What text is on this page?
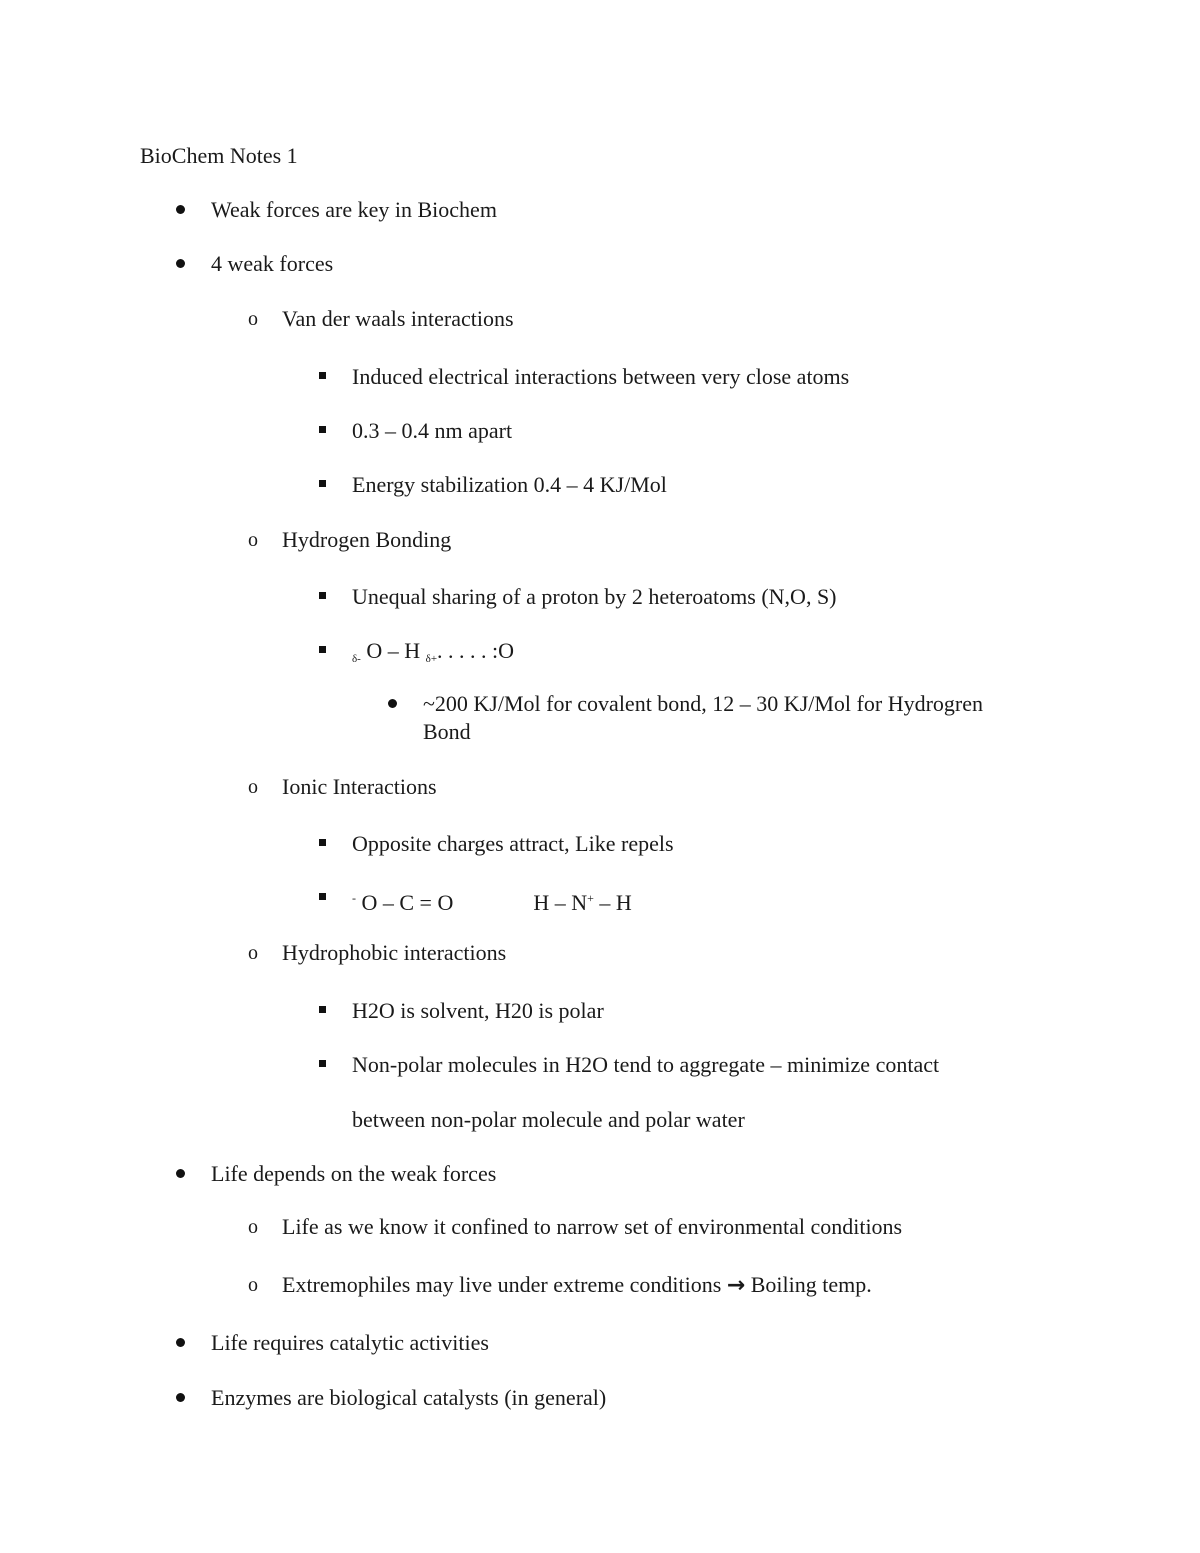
BioChem Notes 1
Weak forces are key in Biochem
4 weak forces
o Van der waals interactions
Induced electrical interactions between very close atoms
0.3 – 0.4 nm apart
Energy stabilization 0.4 – 4 KJ/Mol
o Hydrogen Bonding
Unequal sharing of a proton by 2 heteroatoms (N,O, S)
$_{\delta-}$ O – H $_{\delta+}$. . . . . :O
~200 KJ/Mol for covalent bond, 12 – 30 KJ/Mol for Hydrogren
Bond
o Ionic Interactions
Opposite charges attract, Like repels
- O – C = O	H – N+ – H
o Hydrophobic interactions
H2O is solvent, H20 is polar
Non-polar molecules in H2O tend to aggregate – minimize contact
between non-polar molecule and polar water
Life depends on the weak forces
o Life as we know it confined to narrow set of environmental conditions
o Extremophiles may live under extreme conditions → Boiling temp.
Life requires catalytic activities
Enzymes are biological catalysts (in general)
